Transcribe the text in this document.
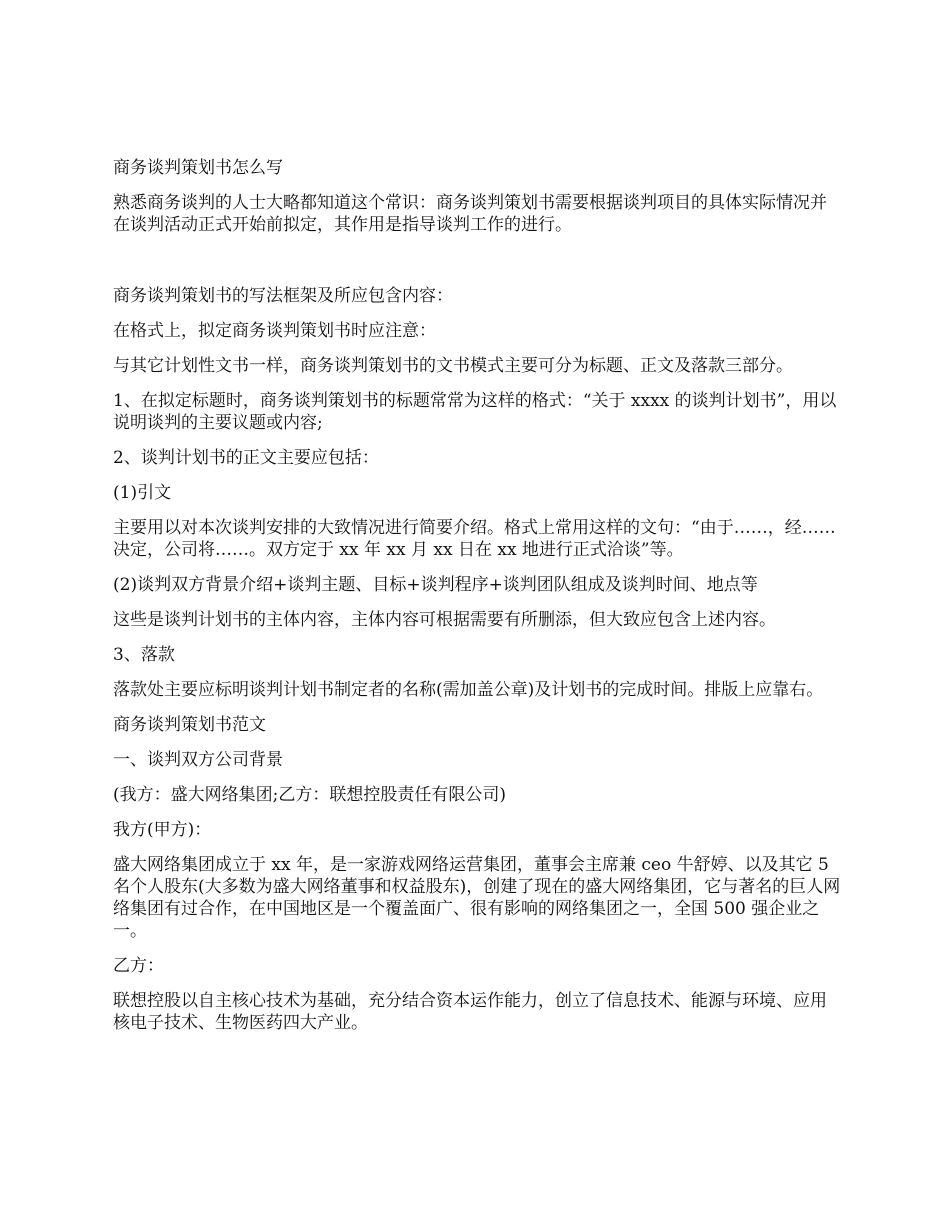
商务谈判策划书怎么写

熟悉商务谈判的人士大略都知道这个常识：商务谈判策划书需要根据谈判项目的具体实际情况并在谈判活动正式开始前拟定，其作用是指导谈判工作的进行。

商务谈判策划书的写法框架及所应包含内容：

在格式上，拟定商务谈判策划书时应注意：

与其它计划性文书一样，商务谈判策划书的文书模式主要可分为标题、正文及落款三部分。

1、在拟定标题时，商务谈判策划书的标题常常为这样的格式：“关于 xxxx 的谈判计划书”，用以说明谈判的主要议题或内容;

2、谈判计划书的正文主要应包括：

(1)引文

主要用以对本次谈判安排的大致情况进行简要介绍。格式上常用这样的文句：“由于……，经……决定，公司将……。双方定于 xx 年 xx 月 xx 日在 xx 地进行正式洽谈”等。

(2)谈判双方背景介绍+谈判主题、目标+谈判程序+谈判团队组成及谈判时间、地点等

这些是谈判计划书的主体内容，主体内容可根据需要有所删添，但大致应包含上述内容。

3、落款

落款处主要应标明谈判计划书制定者的名称(需加盖公章)及计划书的完成时间。排版上应靠右。

商务谈判策划书范文

一、谈判双方公司背景

(我方：盛大网络集团;乙方：联想控股责任有限公司)

我方(甲方)：

盛大网络集团成立于 xx 年，是一家游戏网络运营集团，董事会主席兼 ceo 牛舒婷、以及其它 5 名个人股东(大多数为盛大网络董事和权益股东)，创建了现在的盛大网络集团，它与著名的巨人网络集团有过合作，在中国地区是一个覆盖面广、很有影响的网络集团之一，全国 500 强企业之一。

乙方：

联想控股以自主核心技术为基础，充分结合资本运作能力，创立了信息技术、能源与环境、应用核电子技术、生物医药四大产业。
